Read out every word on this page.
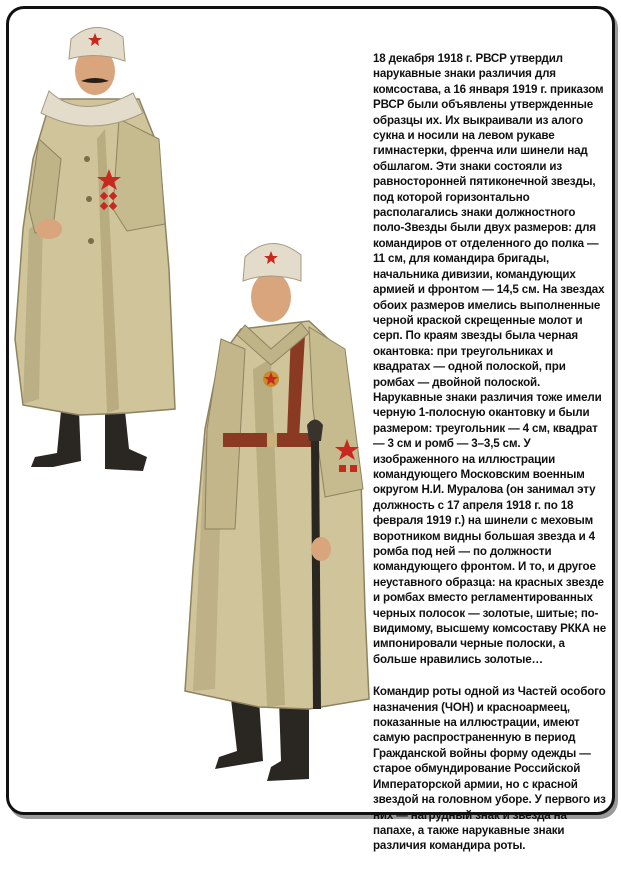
18 декабря 1918 г. РВСР утвердил нарукавные знаки различия для комсостава, а 16 января 1919 г. приказом РВСР были объявлены утвержденные образцы их. Их выкраивали из алого сукна и носили на левом рукаве гимнастерки, френча или шинели над обшлагом. Эти знаки состояли из равносторонней пятиконечной звезды, под которой горизонтально располагались знаки должностного поло-Звезды были двух размеров: для командиров от отделенного до полка — 11 см, для командира бригады, начальника дивизии, командующих армией и фронтом — 14,5 см. На звездах обоих размеров имелись выполненные черной краской скрещенные молот и серп. По краям звезды была черная окантовка: при треугольниках и квадратах — одной полоской, при ромбах — двойной полоской. Нарукавные знаки различия тоже имели черную 1-полосную окантовку и были размером: треугольник — 4 см, квадрат — 3 см и ромб — 3–3,5 см. У изображенного на иллюстрации командующего Московским военным округом Н.И. Муралова (он занимал эту должность с 17 апреля 1918 г. по 18 февраля 1919 г.) на шинели с меховым воротником видны большая звезда и 4 ромба под ней — по должности командующего фронтом. И то, и другое неуставного образца: на красных звезде и ромбах вместо регламентированных черных полосок — золотые, шитые; по-видимому, высшему комсоставу РККА не импонировали черные полоски, а больше нравились золотые…

Командир роты одной из Частей особого назначения (ЧОН) и красноармеец, показанные на иллюстрации, имеют самую распространенную в период Гражданской войны форму одежды — старое обмундирование Российской Императорской армии, но с красной звездой на головном уборе. У первого из них — нагрудный знак и звезда на папахе, а также нарукавные знаки различия командира роты.
